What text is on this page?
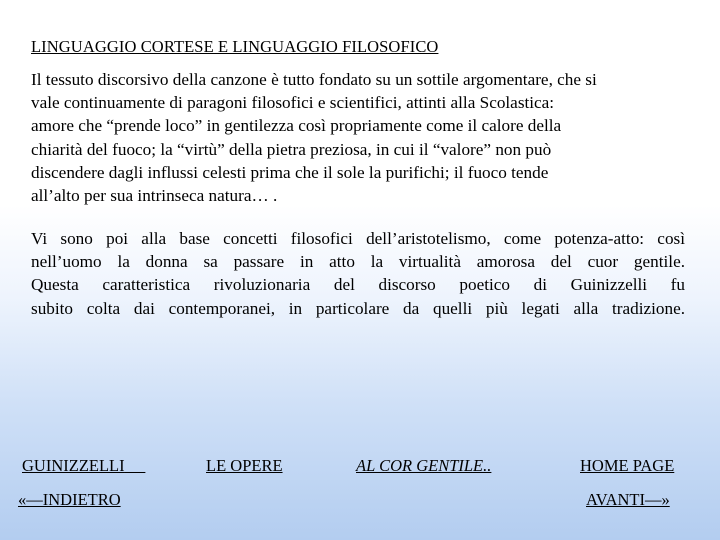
LINGUAGGIO CORTESE E LINGUAGGIO FILOSOFICO
Il tessuto discorsivo della canzone è tutto fondato su un sottile argomentare, che si
vale continuamente di paragoni filosofici e scientifici, attinti alla Scolastica:
amore che “prende loco” in gentilezza così propriamente come il calore della
chiarità del fuoco; la “virtù” della pietra preziosa, in cui il “valore” non può
discendere dagli influssi celesti prima che il sole la purifichi; il fuoco tende
all’alto per sua intrinseca natura… .
Vi sono poi alla base concetti filosofici dell’aristotelismo, come potenza-atto: così
nell’uomo la donna sa passare in atto la virtualità amorosa del cuor gentile.
Questa caratteristica rivoluzionaria del discorso poetico di Guinizzelli fu
subito colta dai contemporanei, in particolare da quelli più legati alla tradizione.
GUINIZZELLI	LE OPERE	AL COR GENTILE..	HOME PAGE
«—INDIETRO	AVANTI—»
